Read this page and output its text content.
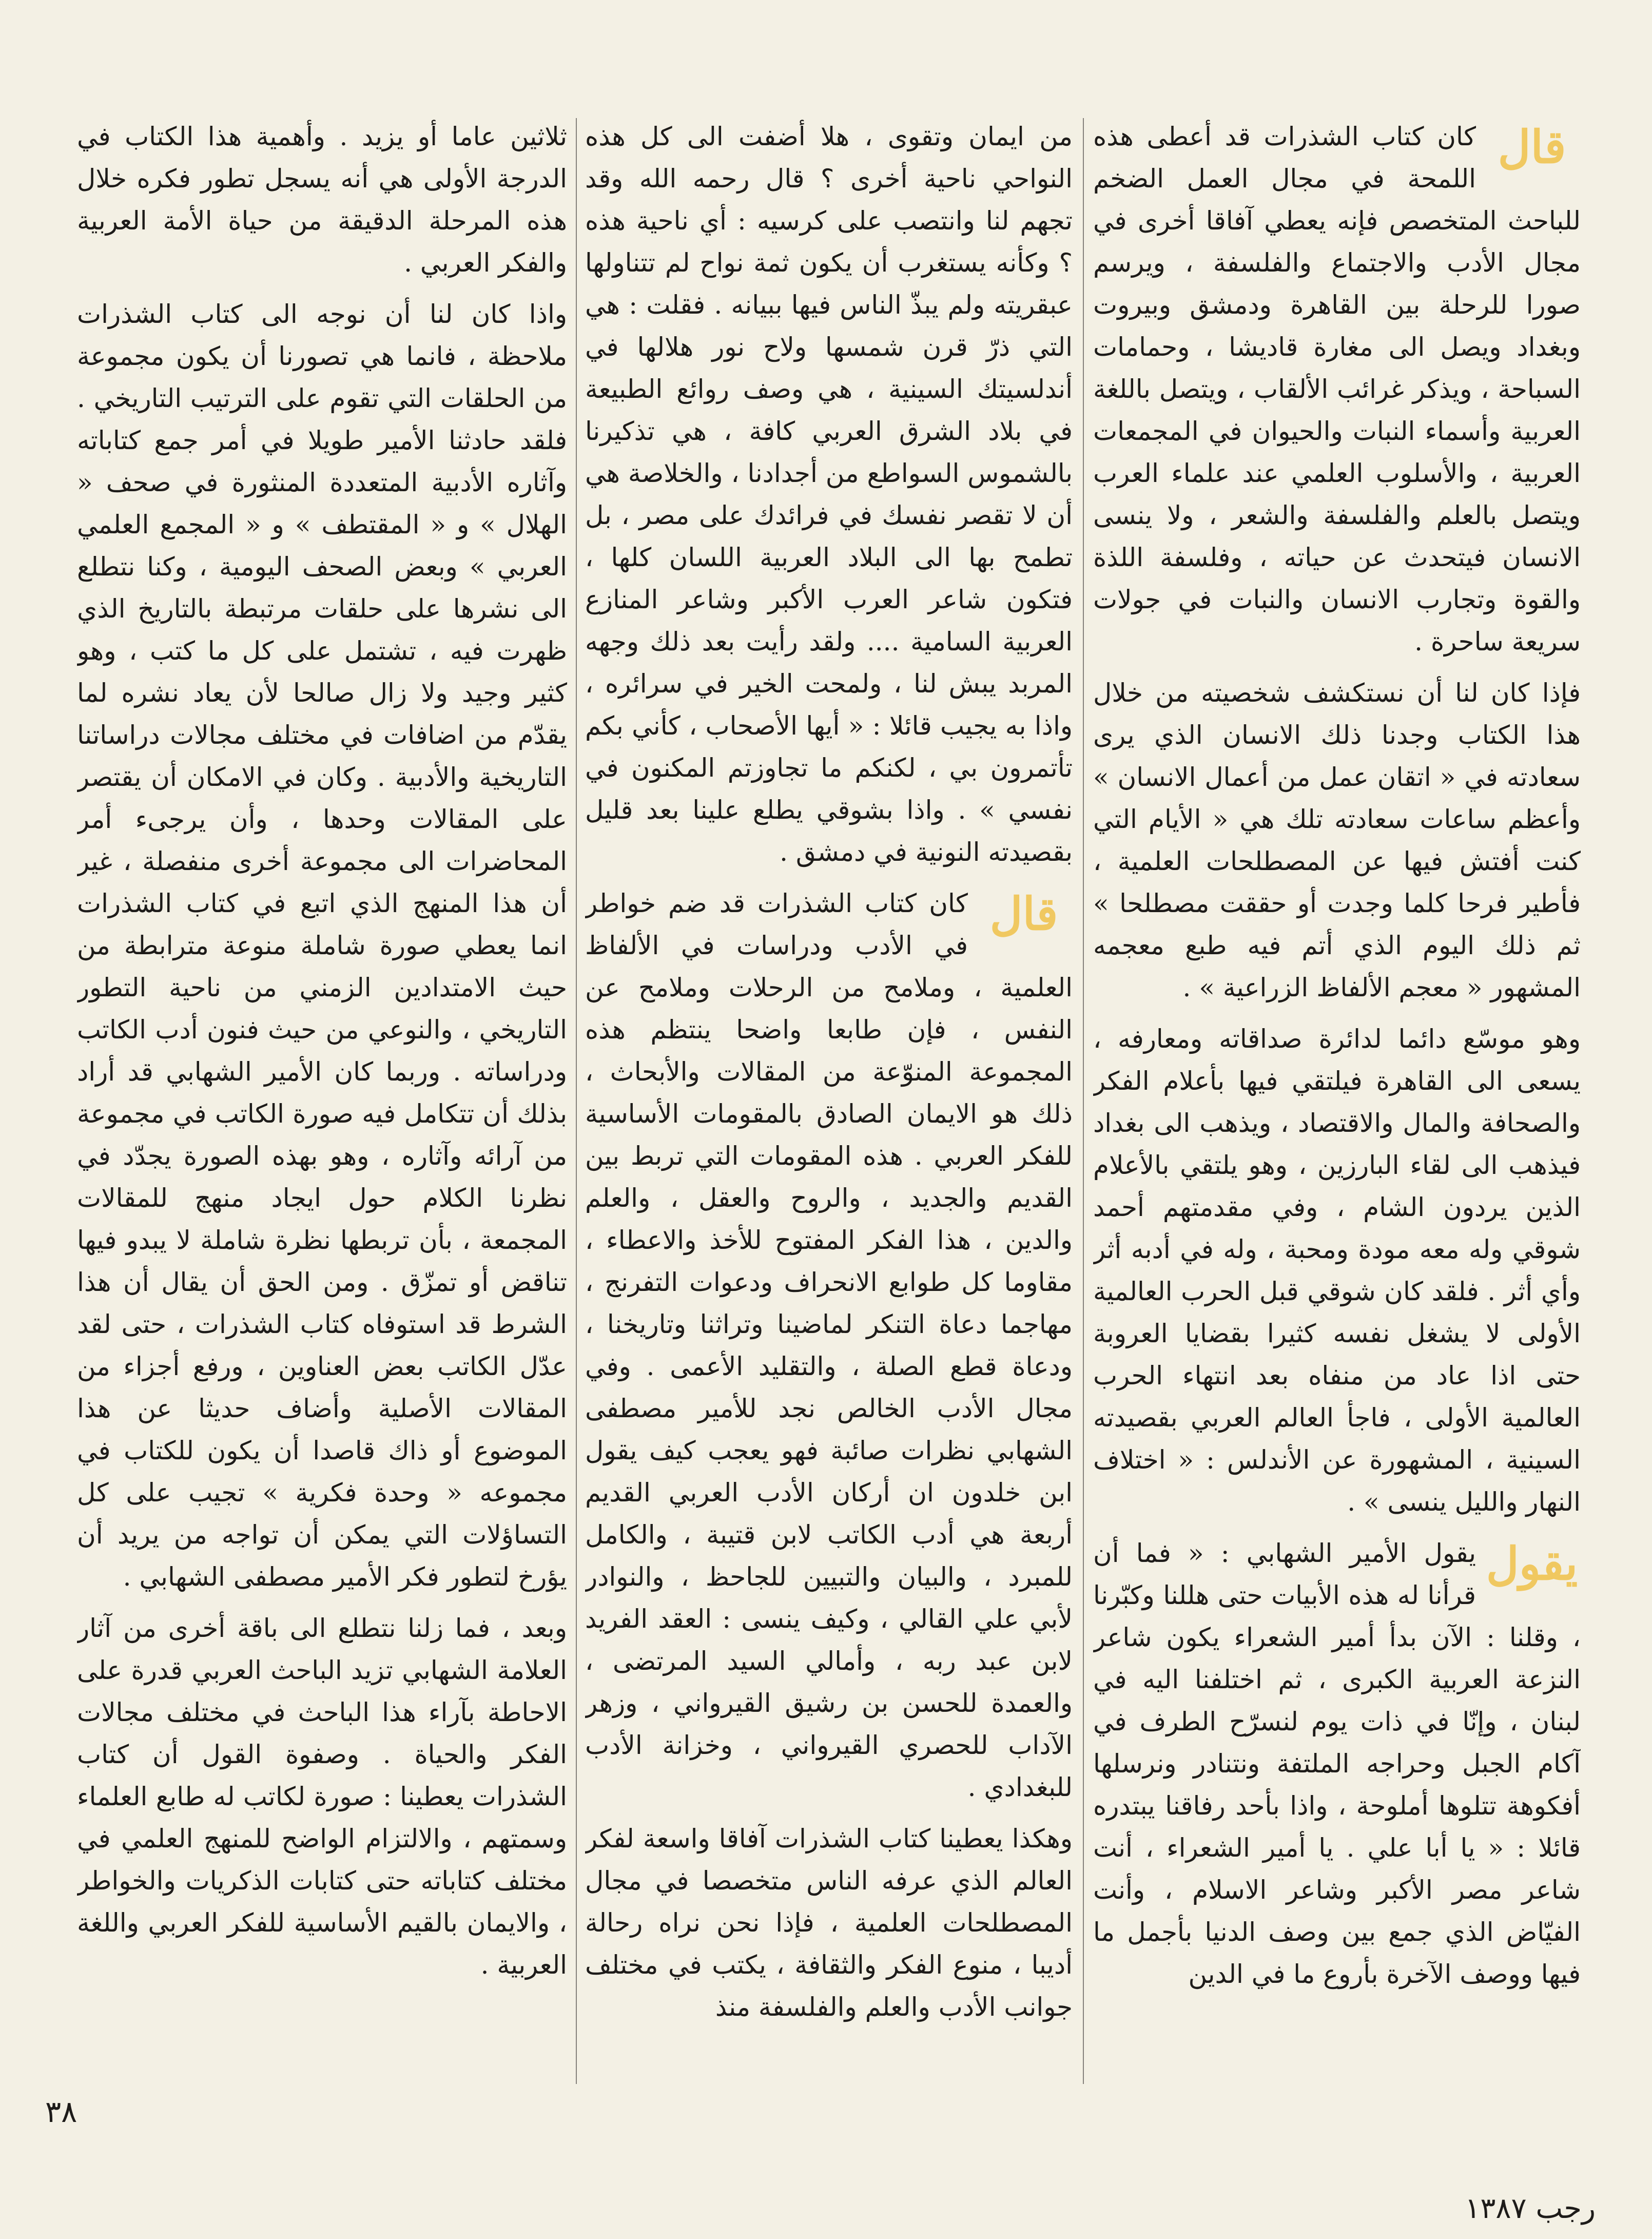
قال

كان كتاب الشذرات قد أعطى هذه اللمحة في مجال العمل الضخم للباحث المتخصص فإنه يعطي آفاقا أخرى في مجال الأدب والاجتماع والفلسفة ، ويرسم صورا للرحلة بين القاهرة ودمشق وبيروت وبغداد ويصل الى مغارة قاديشا ، وحمامات السباحة ، ويذكر غرائب الألقاب ، ويتصل باللغة العربية وأسماء النبات والحيوان في المجمعات العربية ، والأسلوب العلمي عند علماء العرب ويتصل بالعلم والفلسفة والشعر ، ولا ينسى الانسان فيتحدث عن حياته ، وفلسفة اللذة والقوة وتجارب الانسان والنبات في جولات سريعة ساحرة .

فإذا كان لنا أن نستكشف شخصيته من خلال هذا الكتاب وجدنا ذلك الانسان الذي يرى سعادته في « اتقان عمل من أعمال الانسان » وأعظم ساعات سعادته تلك هي « الأيام التي كنت أفتش فيها عن المصطلحات العلمية ، فأطير فرحا كلما وجدت أو حققت مصطلحا » ثم ذلك اليوم الذي أتم فيه طبع معجمه المشهور « معجم الألفاظ الزراعية » .

وهو موسّع دائما لدائرة صداقاته ومعارفه ، يسعى الى القاهرة فيلتقي فيها بأعلام الفكر والصحافة والمال والاقتصاد ، ويذهب الى بغداد فيذهب الى لقاء البارزين ، وهو يلتقي بالأعلام الذين يردون الشام ، وفي مقدمتهم أحمد شوقي وله معه مودة ومحبة ، وله في أدبه أثر وأي أثر . فلقد كان شوقي قبل الحرب العالمية الأولى لا يشغل نفسه كثيرا بقضايا العروبة حتى اذا عاد من منفاه بعد انتهاء الحرب العالمية الأولى ، فاجأ العالم العربي بقصيدته السينية ، المشهورة عن الأندلس : « اختلاف النهار والليل ينسى » .

يقول

يقول الأمير الشهابي : « فما أن قرأنا له هذه الأبيات حتى هللنا وكبّرنا ، وقلنا : الآن بدأ أمير الشعراء يكون شاعر النزعة العربية الكبرى ، ثم اختلفنا اليه في لبنان ، وإنّا في ذات يوم لنسرّح الطرف في آكام الجبل وحراجه الملتفة ونتنادر ونرسلها أفكوهة تتلوها أملوحة ، واذا بأحد رفاقنا يبتدره قائلا : « يا أبا علي . يا أمير الشعراء ، أنت شاعر مصر الأكبر وشاعر الاسلام ، وأنت الفيّاض الذي جمع بين وصف الدنيا بأجمل ما فيها ووصف الآخرة بأروع ما في الدين

من ايمان وتقوى ، هلا أضفت الى كل هذه النواحي ناحية أخرى ؟ قال رحمه الله وقد تجهم لنا وانتصب على كرسيه : أي ناحية هذه ؟ وكأنه يستغرب أن يكون ثمة نواح لم تتناولها عبقريته ولم يبذّ الناس فيها ببيانه . فقلت : هي التي ذرّ قرن شمسها ولاح نور هلالها في أندلسيتك السينية ، هي وصف روائع الطبيعة في بلاد الشرق العربي كافة ، هي تذكيرنا بالشموس السواطع من أجدادنا ، والخلاصة هي أن لا تقصر نفسك في فرائدك على مصر ، بل تطمح بها الى البلاد العربية اللسان كلها ، فتكون شاعر العرب الأكبر وشاعر المنازع العربية السامية .... ولقد رأيت بعد ذلك وجهه المربد يبش لنا ، ولمحت الخير في سرائره ، واذا به يجيب قائلا : « أيها الأصحاب ، كأني بكم تأتمرون بي ، لكنكم ما تجاوزتم المكنون في نفسي » . واذا بشوقي يطلع علينا بعد قليل بقصيدته النونية في دمشق .

قال

كان كتاب الشذرات قد ضم خواطر في الأدب ودراسات في الألفاظ العلمية ، وملامح من الرحلات وملامح عن النفس ، فإن طابعا واضحا ينتظم هذه المجموعة المنوّعة من المقالات والأبحاث ، ذلك هو الايمان الصادق بالمقومات الأساسية للفكر العربي . هذه المقومات التي تربط بين القديم والجديد ، والروح والعقل ، والعلم والدين ، هذا الفكر المفتوح للأخذ والاعطاء ، مقاوما كل طوابع الانحراف ودعوات التفرنج ، مهاجما دعاة التنكر لماضينا وتراثنا وتاريخنا ، ودعاة قطع الصلة ، والتقليد الأعمى . وفي مجال الأدب الخالص نجد للأمير مصطفى الشهابي نظرات صائبة فهو يعجب كيف يقول ابن خلدون ان أركان الأدب العربي القديم أربعة هي أدب الكاتب لابن قتيبة ، والكامل للمبرد ، والبيان والتبيين للجاحظ ، والنوادر لأبي علي القالي ، وكيف ينسى : العقد الفريد لابن عبد ربه ، وأمالي السيد المرتضى ، والعمدة للحسن بن رشيق القيرواني ، وزهر الآداب للحصري القيرواني ، وخزانة الأدب للبغدادي .

وهكذا يعطينا كتاب الشذرات آفاقا واسعة لفكر العالم الذي عرفه الناس متخصصا في مجال المصطلحات العلمية ، فإذا نحن نراه رحالة أديبا ، منوع الفكر والثقافة ، يكتب في مختلف جوانب الأدب والعلم والفلسفة منذ

ثلاثين عاما أو يزيد . وأهمية هذا الكتاب في الدرجة الأولى هي أنه يسجل تطور فكره خلال هذه المرحلة الدقيقة من حياة الأمة العربية والفكر العربي .

واذا كان لنا أن نوجه الى كتاب الشذرات ملاحظة ، فانما هي تصورنا أن يكون مجموعة من الحلقات التي تقوم على الترتيب التاريخي . فلقد حادثنا الأمير طويلا في أمر جمع كتاباته وآثاره الأدبية المتعددة المنثورة في صحف « الهلال » و « المقتطف » و « المجمع العلمي العربي » وبعض الصحف اليومية ، وكنا نتطلع الى نشرها على حلقات مرتبطة بالتاريخ الذي ظهرت فيه ، تشتمل على كل ما كتب ، وهو كثير وجيد ولا زال صالحا لأن يعاد نشره لما يقدّم من اضافات في مختلف مجالات دراساتنا التاريخية والأدبية . وكان في الامكان أن يقتصر على المقالات وحدها ، وأن يرجىء أمر المحاضرات الى مجموعة أخرى منفصلة ، غير أن هذا المنهج الذي اتبع في كتاب الشذرات انما يعطي صورة شاملة منوعة مترابطة من حيث الامتدادين الزمني من ناحية التطور التاريخي ، والنوعي من حيث فنون أدب الكاتب ودراساته . وربما كان الأمير الشهابي قد أراد بذلك أن تتكامل فيه صورة الكاتب في مجموعة من آرائه وآثاره ، وهو بهذه الصورة يجدّد في نظرنا الكلام حول ايجاد منهج للمقالات المجمعة ، بأن تربطها نظرة شاملة لا يبدو فيها تناقض أو تمزّق . ومن الحق أن يقال أن هذا الشرط قد استوفاه كتاب الشذرات ، حتى لقد عدّل الكاتب بعض العناوين ، ورفع أجزاء من المقالات الأصلية وأضاف حديثا عن هذا الموضوع أو ذاك قاصدا أن يكون للكتاب في مجموعه « وحدة فكرية » تجيب على كل التساؤلات التي يمكن أن تواجه من يريد أن يؤرخ لتطور فكر الأمير مصطفى الشهابي .

وبعد ، فما زلنا نتطلع الى باقة أخرى من آثار العلامة الشهابي تزيد الباحث العربي قدرة على الاحاطة بآراء هذا الباحث في مختلف مجالات الفكر والحياة . وصفوة القول أن كتاب الشذرات يعطينا : صورة لكاتب له طابع العلماء وسمتهم ، والالتزام الواضح للمنهج العلمي في مختلف كتاباته حتى كتابات الذكريات والخواطر ، والايمان بالقيم الأساسية للفكر العربي واللغة العربية .

٣٨
رجب ١٣٨٧
